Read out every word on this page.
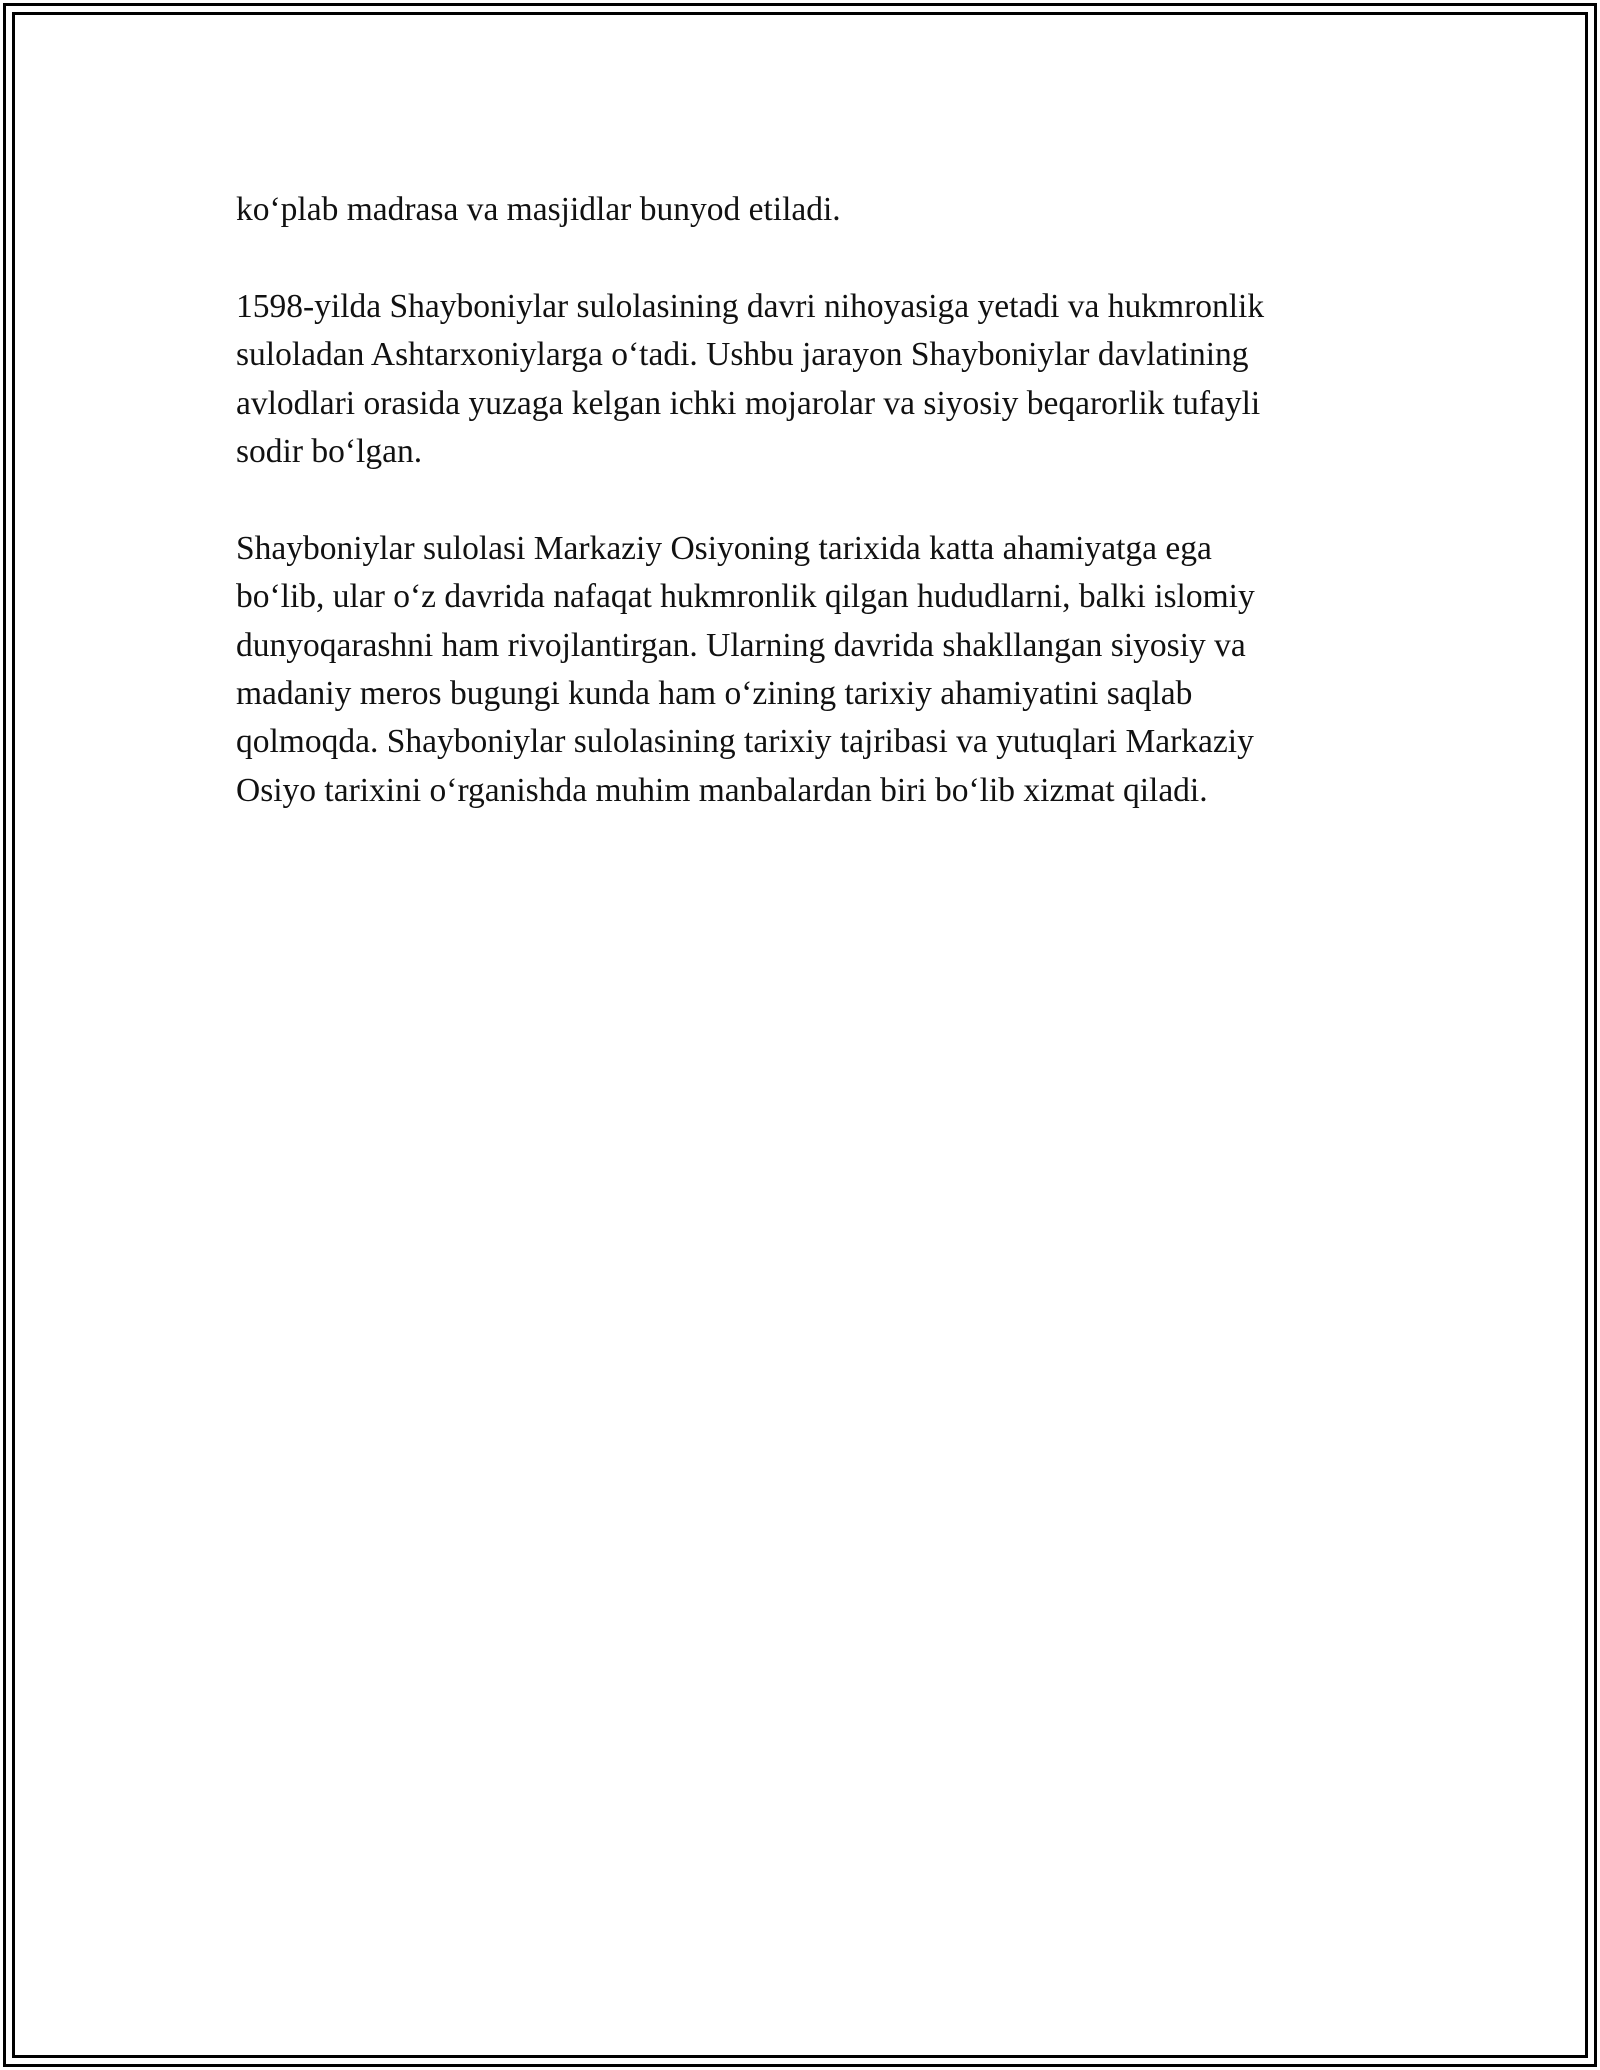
ko‘plab madrasa va masjidlar bunyod etiladi.

1598-yilda Shayboniylar sulolasining davri nihoyasiga yetadi va hukmronlik
suloladan Ashtarxoniylarga o‘tadi. Ushbu jarayon Shayboniylar davlatining
avlodlari orasida yuzaga kelgan ichki mojarolar va siyosiy beqarorlik tufayli
sodir bo‘lgan.

Shayboniylar sulolasi Markaziy Osiyoning tarixida katta ahamiyatga ega
bo‘lib, ular o‘z davrida nafaqat hukmronlik qilgan hududlarni, balki islomiy
dunyoqarashni ham rivojlantirgan. Ularning davrida shakllangan siyosiy va
madaniy meros bugungi kunda ham o‘zining tarixiy ahamiyatini saqlab
qolmoqda. Shayboniylar sulolasining tarixiy tajribasi va yutuqlari Markaziy
Osiyo tarixini o‘rganishda muhim manbalardan biri bo‘lib xizmat qiladi.
